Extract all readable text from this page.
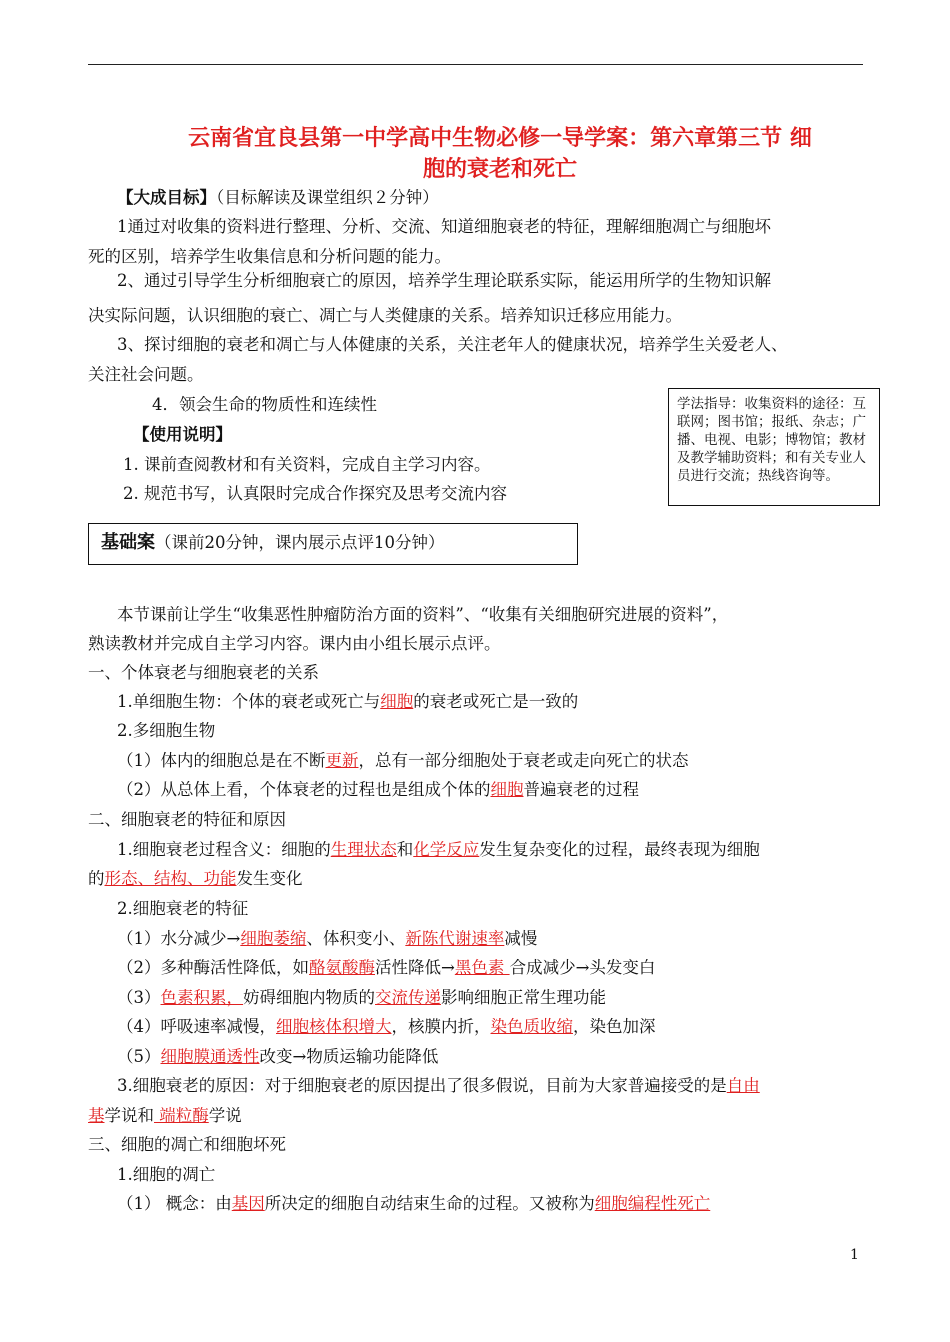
云南省宜良县第一中学高中生物必修一导学案：第六章第三节 细
胞的衰老和死亡
【大成目标】（目标解读及课堂组织２分钟）
1通过对收集的资料进行整理、分析、交流、知道细胞衰老的特征，理解细胞凋亡与细胞坏
死的区别，培养学生收集信息和分析问题的能力。
2、通过引导学生分析细胞衰亡的原因，培养学生理论联系实际，能运用所学的生物知识解
决实际问题，认识细胞的衰亡、凋亡与人类健康的关系。培养知识迁移应用能力。
3、探讨细胞的衰老和凋亡与人体健康的关系，关注老年人的健康状况，培养学生关爱老人、
关注社会问题。
4．领会生命的物质性和连续性
【使用说明】
1. 课前查阅教材和有关资料，完成自主学习内容。
2. 规范书写，认真限时完成合作探究及思考交流内容
学法指导：收集资料的途径：互联网；图书馆；报纸、杂志；广播、电视、电影；博物馆；教材及教学辅助资料；和有关专业人员进行交流；热线咨询等。
基础案（课前20分钟，课内展示点评10分钟）
本节课前让学生“收集恶性肿瘤防治方面的资料”、“收集有关细胞研究进展的资料”，
熟读教材并完成自主学习内容。课内由小组长展示点评。
一、个体衰老与细胞衰老的关系
1.单细胞生物：个体的衰老或死亡与细胞的衰老或死亡是一致的
2.多细胞生物
（1）体内的细胞总是在不断更新，总有一部分细胞处于衰老或走向死亡的状态
（2）从总体上看，个体衰老的过程也是组成个体的细胞普遍衰老的过程
二、细胞衰老的特征和原因
1.细胞衰老过程含义：细胞的生理状态和化学反应发生复杂变化的过程，最终表现为细胞
的形态、结构、功能发生变化
2.细胞衰老的特征
（1）水分减少→细胞萎缩、体积变小、新陈代谢速率减慢
（2）多种酶活性降低，如酪氨酸酶活性降低→黑色素 合成减少→头发变白
（3）色素积累，妨碍细胞内物质的交流传递影响细胞正常生理功能
（4）呼吸速率减慢，细胞核体积增大，核膜内折，染色质收缩，染色加深
（5）细胞膜通透性改变→物质运输功能降低
3.细胞衰老的原因：对于细胞衰老的原因提出了很多假说，目前为大家普遍接受的是自由
基学说和 端粒酶学说
三、细胞的凋亡和细胞坏死
1.细胞的凋亡
（1） 概念：由基因所决定的细胞自动结束生命的过程。又被称为细胞编程性死亡
1
